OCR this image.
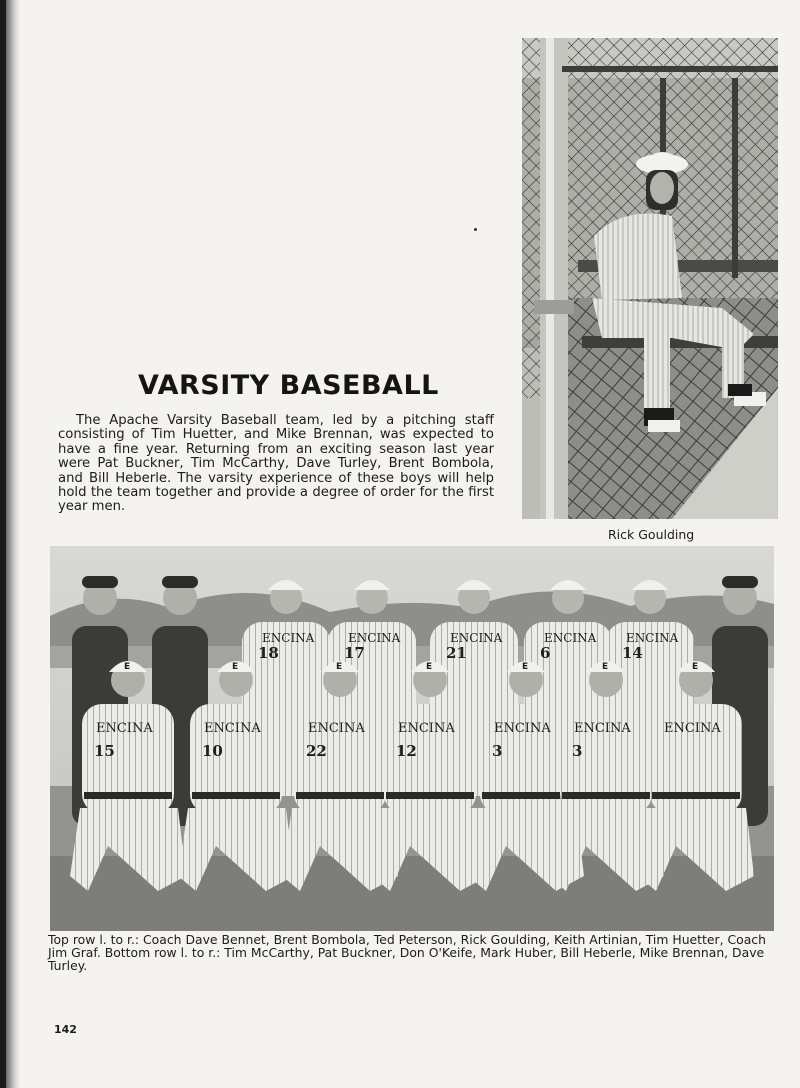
Rick Goulding
VARSITY BASEBALL

The Apache Varsity Baseball team, led by a pitching staff consisting of Tim Huetter, and Mike Brennan, was expected to have a fine year. Returning from an exciting season last year were Pat Buckner, Tim McCarthy, Dave Turley, Brent Bombola, and Bill Heberle. The varsity experience of these boys will help hold the team together and provide a degree of order for the first year men.

18
ENCINA
17
ENCINA
21
ENCINA
6
ENCINA
14
ENCINA
E
ENCINA
15
E
ENCINA
10
E
ENCINA
22
E
ENCINA
12
E
ENCINA
3
E
ENCINA
3
E
ENCINA

Top row l. to r.: Coach Dave Bennet, Brent Bombola, Ted Peterson, Rick Goulding, Keith Artinian, Tim Huetter, Coach Jim Graf. Bottom row l. to r.: Tim McCarthy, Pat Buckner, Don O'Keife, Mark Huber, Bill Heberle, Mike Brennan, Dave Turley.

142
